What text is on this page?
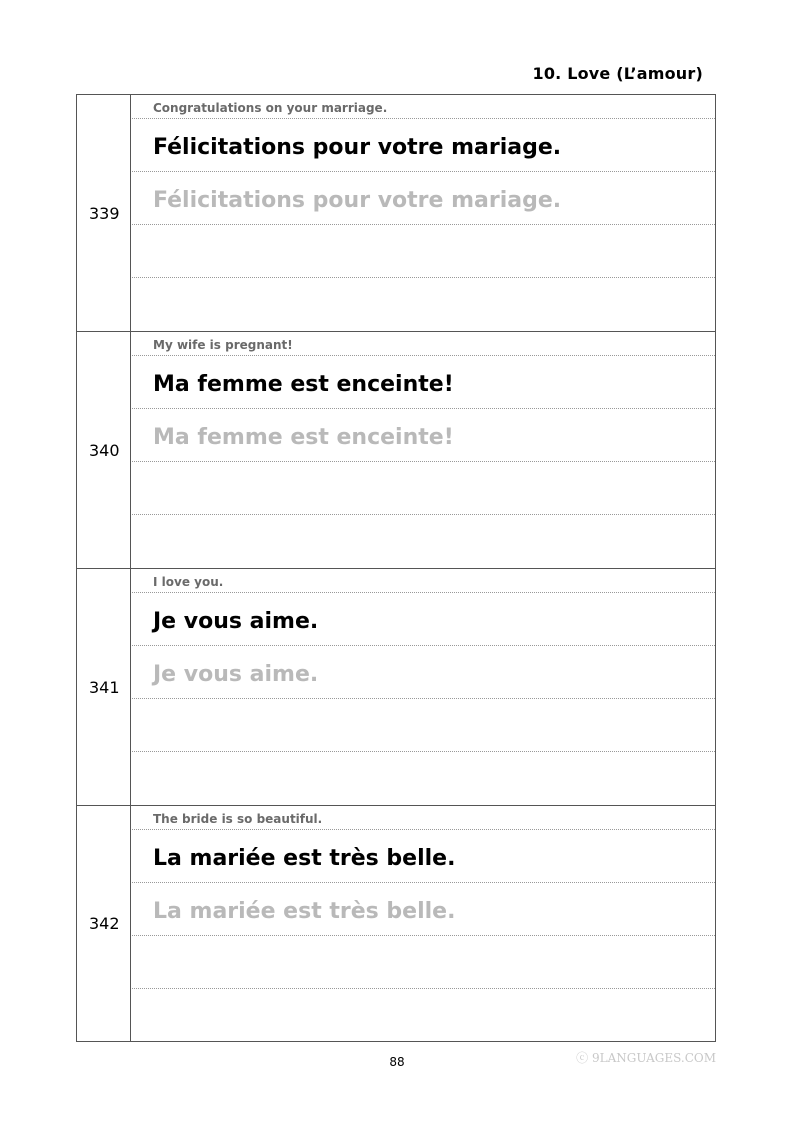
10. Love (L’amour)
339
Congratulations on your marriage.
Félicitations pour votre mariage.
Félicitations pour votre mariage.
340
My wife is pregnant!
Ma femme est enceinte!
Ma femme est enceinte!
341
I love you.
Je vous aime.
Je vous aime.
342
The bride is so beautiful.
La mariée est très belle.
La mariée est très belle.
ⓒ 9LANGUAGES.COM
88
